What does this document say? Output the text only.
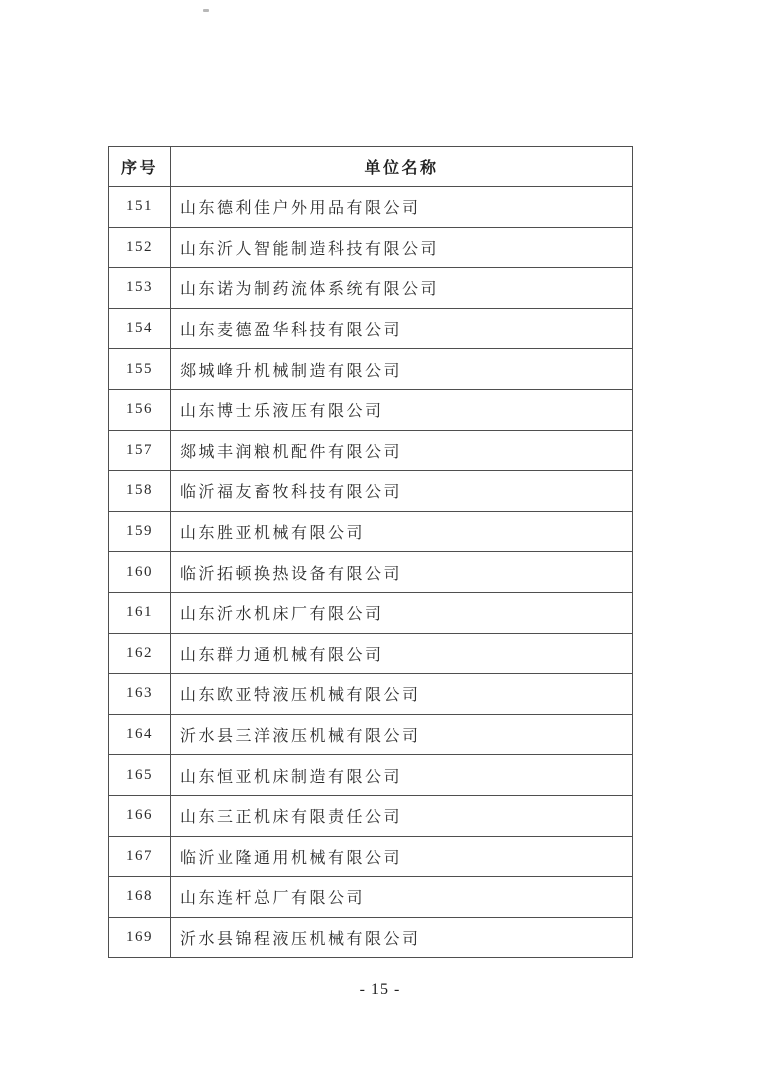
序号	单位名称
151	山东德利佳户外用品有限公司
152	山东沂人智能制造科技有限公司
153	山东诺为制药流体系统有限公司
154	山东麦德盈华科技有限公司
155	郯城峰升机械制造有限公司
156	山东博士乐液压有限公司
157	郯城丰润粮机配件有限公司
158	临沂福友畜牧科技有限公司
159	山东胜亚机械有限公司
160	临沂拓顿换热设备有限公司
161	山东沂水机床厂有限公司
162	山东群力通机械有限公司
163	山东欧亚特液压机械有限公司
164	沂水县三洋液压机械有限公司
165	山东恒亚机床制造有限公司
166	山东三正机床有限责任公司
167	临沂业隆通用机械有限公司
168	山东连杆总厂有限公司
169	沂水县锦程液压机械有限公司
- 15 -
